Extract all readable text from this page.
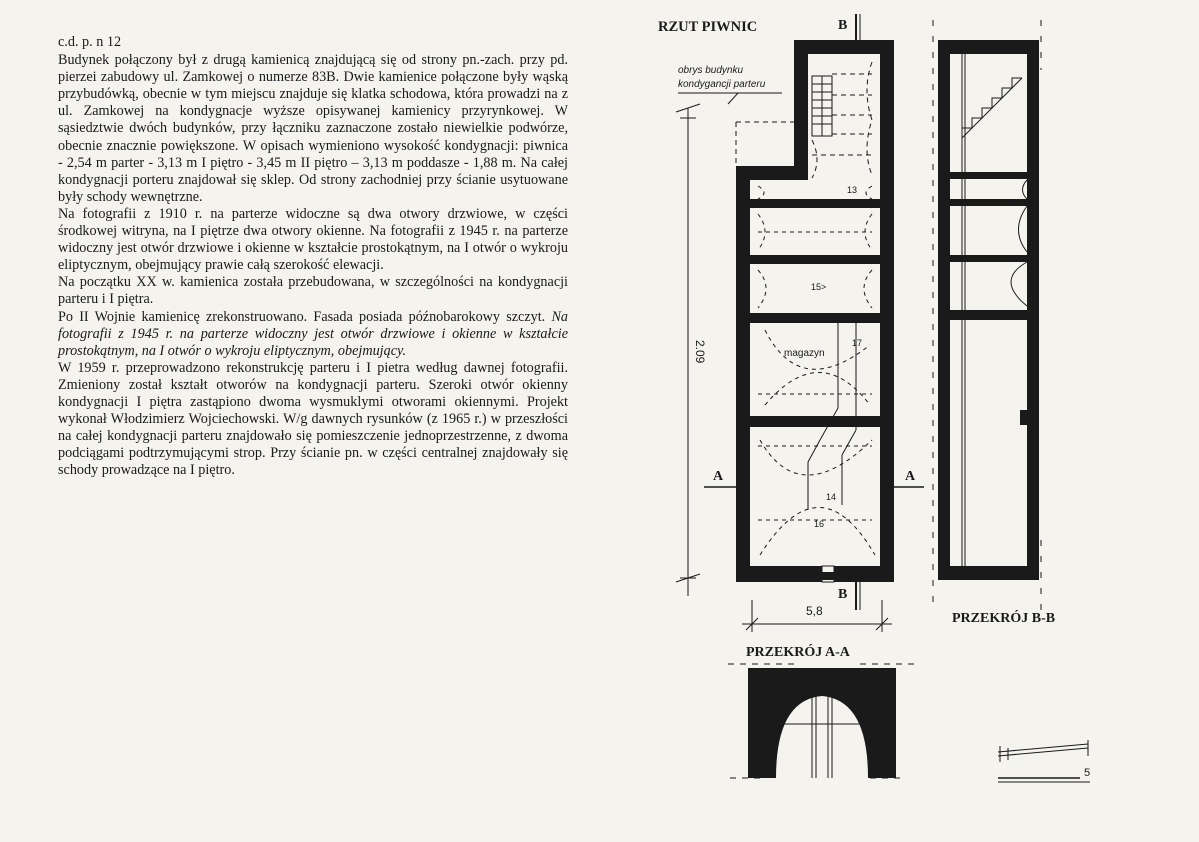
c.d. p. n 12

Budynek połączony był z drugą kamienicą znajdującą się od strony pn.-zach. przy pd. pierzei zabudowy ul. Zamkowej o numerze 83B. Dwie kamienice połączone były wąską przybudówką, obecnie w tym miejscu znajduje się klatka schodowa, która prowadzi na z ul. Zamkowej na kondygnacje wyższe opisywanej kamienicy przyrynkowej. W sąsiedztwie dwóch budynków, przy łączniku zaznaczone zostało niewielkie podwórze, obecnie znacznie powiększone. W opisach wymieniono wysokość kondygnacji: piwnica - 2,54 m parter - 3,13 m I piętro - 3,45 m II piętro – 3,13 m poddasze - 1,88 m. Na całej kondygnacji porteru znajdował się sklep. Od strony zachodniej przy ścianie usytuowane były schody wewnętrzne.

Na fotografii z 1910 r. na parterze widoczne są dwa otwory drzwiowe, w części środkowej witryna, na I piętrze dwa otwory okienne. Na fotografii z 1945 r. na parterze widoczny jest otwór drzwiowe i okienne w kształcie prostokątnym, na I otwór o wykroju eliptycznym, obejmujący prawie całą szerokość elewacji.

Na początku XX w. kamienica została przebudowana, w szczególności na kondygnacji parteru i I piętra.

Po II Wojnie kamienicę zrekonstruowano. Fasada posiada późnobarokowy szczyt. Na fotografii z 1945 r. na parterze widoczny jest otwór drzwiowe i okienne w kształcie prostokątnym, na I otwór o wykroju eliptycznym, obejmujący.

W 1959 r. przeprowadzono rekonstrukcję parteru i I pietra według dawnej fotografii. Zmieniony został kształt otworów na kondygnacji parteru. Szeroki otwór okienny kondygnacji I piętra zastąpiono dwoma wysmuklymi otworami okiennymi. Projekt wykonał Włodzimierz Wojciechowski. W/g dawnych rysunków (z 1965 r.) w przeszłości na całej kondygnacji parteru znajdowało się pomieszczenie jednoprzestrzenne, z dwoma podciągami podtrzymującymi strop. Przy ścianie pn. w części centralnej znajdowały się schody prowadzące na I piętro.

RZUT PIWNIC	B
B
A	A
obrys budynku
kondygancji parteru
2.09
5,8
magazyn
13
15>
17
14
16
PRZEKRÓJ A-A
PRZEKRÓJ B-B
5
